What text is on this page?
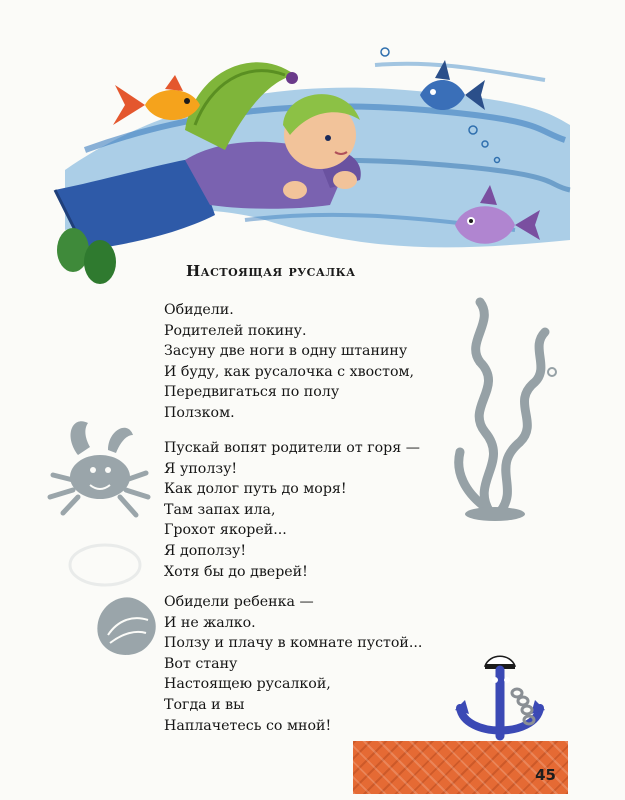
Настоящая русалка
Обидели.
Родителей покину.
Засуну две ноги в одну штанину
И буду, как русалочка с хвостом,
Передвигаться по полу
Ползком.
Пускай вопят родители от горя —
Я уползу!
Как долог путь до моря!
Там запах ила,
Грохот якорей...
Я доползу!
Хотя бы до дверей!
Обидели ребенка —
И не жалко.
Ползу и плачу в комнате пустой...
Вот стану
Настоящею русалкой,
Тогда и вы
Наплачетесь со мной!
45
